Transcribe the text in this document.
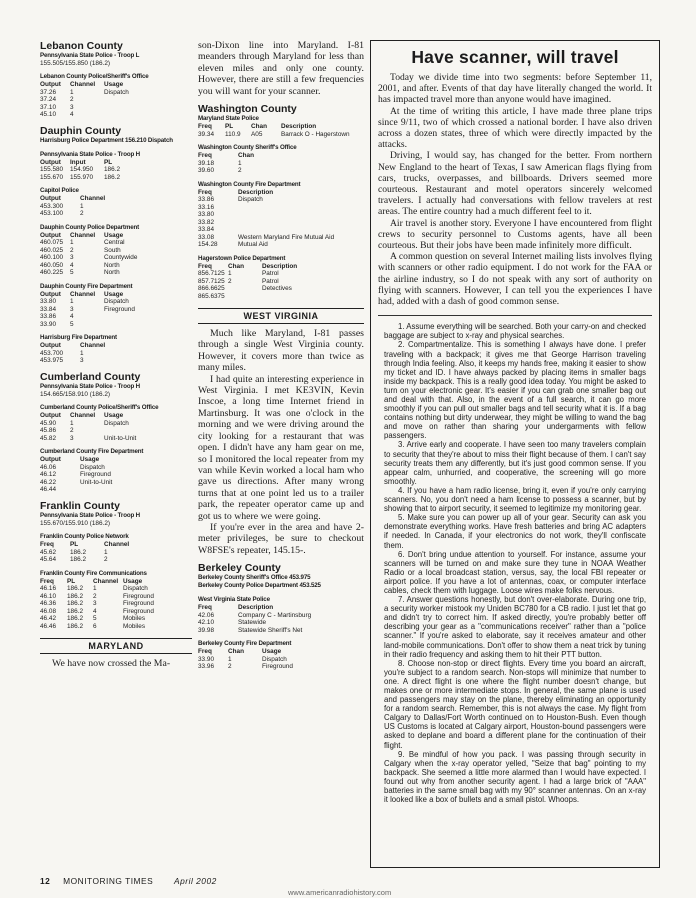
Lebanon County
Pennsylvania State Police - Troop L
155.505/155.850 (186.2)
Lebanon County Police/Sheriff's Office
Output	Channel	Usage
37.26	1	Dispatch
37.24	2	
37.10	3	
45.10	4	
Dauphin County
Harrisburg Police Department 156.210 Dispatch
Pennsylvania State Police - Troop H
Output	Input	PL
155.580	154.950	186.2
155.670	155.970	186.2
Capitol Police
Output	Channel
453.300	1
453.100	2
Dauphin County Police Department
Output	Channel	Usage
460.075	1	Central
460.025	2	South
460.100	3	Countywide
460.050	4	North
460.225	5	North
Dauphin County Fire Department
Output	Channel	Usage
33.80	1	Dispatch
33.84	3	Fireground
33.86	4	
33.90	5	
Harrisburg Fire Department
Output	Channel
453.700	1
453.975	3
Cumberland County
Pennsylvania State Police - Troop H
154.665/158.910 (186.2)
Cumberland County Police/Sheriff's Office
Output	Channel	Usage
45.90	1	Dispatch
45.86	2	
45.82	3	Unit-to-Unit
Cumberland County Fire Department
Output	Usage
46.06	Dispatch
46.12	Fireground
46.22	Unit-to-Unit
46.44	
Franklin County
Pennsylvania State Police - Troop H
155.670/155.910 (186.2)
Franklin County Police Network
Freq	PL	Channel
45.62	186.2	1
45.64	186.2	2
Franklin County Fire Communications
Freq	PL	Channel	Usage
46.16	186.2	1	Dispatch
46.10	186.2	2	Fireground
46.36	186.2	3	Fireground
46.08	186.2	4	Fireground
46.42	186.2	5	Mobiles
46.46	186.2	6	Mobiles
MARYLAND

We have now crossed the Ma-

son-Dixon line into Maryland. I-81 meanders through Maryland for less than eleven miles and only one county. However, there are still a few frequencies you will want for your scanner.

Washington County
Maryland State Police
Freq	PL	Chan	Description
39.34	110.9	A05	Barrack O - Hagerstown
Washington County Sheriff's Office
Freq	Chan
39.18	1
39.60	2
Washington County Fire Department
Freq	Description
33.86	Dispatch
33.16	
33.80	
33.82	
33.84	
33.08	Western Maryland Fire Mutual Aid
154.28	Mutual Aid
Hagerstown Police Department
Freq	Chan	Description
856.7125	1	Patrol
857.7125	2	Patrol
866.6625		Detectives
865.6375		
WEST VIRGINIA

Much like Maryland, I-81 passes through a single West Virginia county. However, it covers more than twice as many miles.

I had quite an interesting experience in West Virginia. I met KE3VIN, Kevin Inscoe, a long time Internet friend in Martinsburg. It was one o'clock in the morning and we were driving around the city looking for a restaurant that was open. I didn't have any ham gear on me, so I monitored the local repeater from my van while Kevin worked a local ham who gave us directions. After many wrong turns that at one point led us to a trailer park, the repeater operator came up and got us to where we were going.

If you're ever in the area and have 2-meter privileges, be sure to checkout W8FSE's repeater, 145.15-.

Berkeley County
Berkeley County Sheriff's Office 453.975
Berkeley County Police Department 453.525
West Virginia State Police
Freq	Description
42.06	Company C - Martinsburg
42.10	Statewide
39.98	Statewide Sheriff's Net
Berkeley County Fire Department
Freq	Chan	Usage
33.90	1	Dispatch
33.96	2	Fireground
Have scanner, will travel

Today we divide time into two segments: before September 11, 2001, and after. Events of that day have literally changed the world. It has impacted travel more than anyone would have imagined.

At the time of writing this article, I have made three plane trips since 9/11, two of which crossed a national border. I have also driven across a dozen states, three of which were directly impacted by the attacks.

Driving, I would say, has changed for the better. From northern New England to the heart of Texas, I saw American flags flying from cars, trucks, overpasses, and billboards. Drivers seemed more courteous. Restaurant and motel operators sincerely welcomed travelers. I actually had conversations with fellow travelers at rest areas. The entire country had a much different feel to it.

Air travel is another story. Everyone I have encountered from flight crews to security personnel to Customs agents, have all been courteous. But their jobs have been made infinitely more difficult.

A common question on several Internet mailing lists involves flying with scanners or other radio equipment. I do not work for the FAA or the airline industry, so I do not speak with any sort of authority on flying with scanners. However, I can tell you the experiences I have had, added with a dash of good common sense.

1. Assume everything will be searched. Both your carry-on and checked baggage are subject to x-ray and physical searches.

2. Compartmentalize. This is something I always have done. I prefer traveling with a backpack; it gives me that George Harrison traveling through India feeling. Also, it keeps my hands free, making it easier to show my ticket and ID. I have always packed by placing items in smaller bags inside my backpack. This is a really good idea today. You might be asked to turn on your electronic gear. It's easier if you can grab one smaller bag out and deal with that. Also, in the event of a full search, it can go more smoothly if you can pull out smaller bags and tell security what it is. If a bag contains nothing but dirty underwear, they might be willing to wand the bag and move on rather than sharing your undergarments with fellow passengers.

3. Arrive early and cooperate. I have seen too many travelers complain to security that they're about to miss their flight because of them. I can't say security treats them any differently, but it's just good common sense. If you appear calm, unhurried, and cooperative, the screening will go more smoothly.

4. If you have a ham radio license, bring it, even if you're only carrying scanners. No, you don't need a ham license to possess a scanner, but by showing that to airport security, it seemed to legitimize my monitoring gear.

5. Make sure you can power up all of your gear. Security can ask you demonstrate everything works. Have fresh batteries and bring AC adapters if needed. In Canada, if your electronics do not work, they'll confiscate them.

6. Don't bring undue attention to yourself. For instance, assume your scanners will be turned on and make sure they tune in NOAA Weather Radio or a local broadcast station, versus, say, the local FBI repeater or airport police. If you have a lot of antennas, coax, or computer interface cables, check them with luggage. Loose wires make folks nervous.

7. Answer questions honestly, but don't over-elaborate. During one trip, a security worker mistook my Uniden BC780 for a CB radio. I just let that go and didn't try to correct him. If asked directly, you're probably better off describing your gear as a "communications receiver" rather than a "police scanner." If you're asked to elaborate, say it receives amateur and other land-mobile communications. Don't offer to show them a neat trick by tuning in their radio frequency and asking them to hit their PTT button.

8. Choose non-stop or direct flights. Every time you board an aircraft, you're subject to a random search. Non-stops will minimize that number to one. A direct flight is one where the flight number doesn't change, but makes one or more intermediate stops. In general, the same plane is used and passengers may stay on the plane, thereby eliminating an opportunity for a random search. Remember, this is not always the case. My flight from Calgary to Dallas/Fort Worth continued on to Houston-Bush. Even though US Customs is located at Calgary airport, Houston-bound passengers were asked to deplane and board a different plane for the continuation of their flight.

9. Be mindful of how you pack. I was passing through security in Calgary when the x-ray operator yelled, "Seize that bag" pointing to my backpack. She seemed a little more alarmed than I would have expected. I found out why from another security agent. I had a large brick of "AAA" batteries in the same small bag with my 90° scanner antennas. On an x-ray it looked like a box of bullets and a small pistol. Whoops.

12 MONITORING TIMES April 2002
www.americanradiohistory.com
